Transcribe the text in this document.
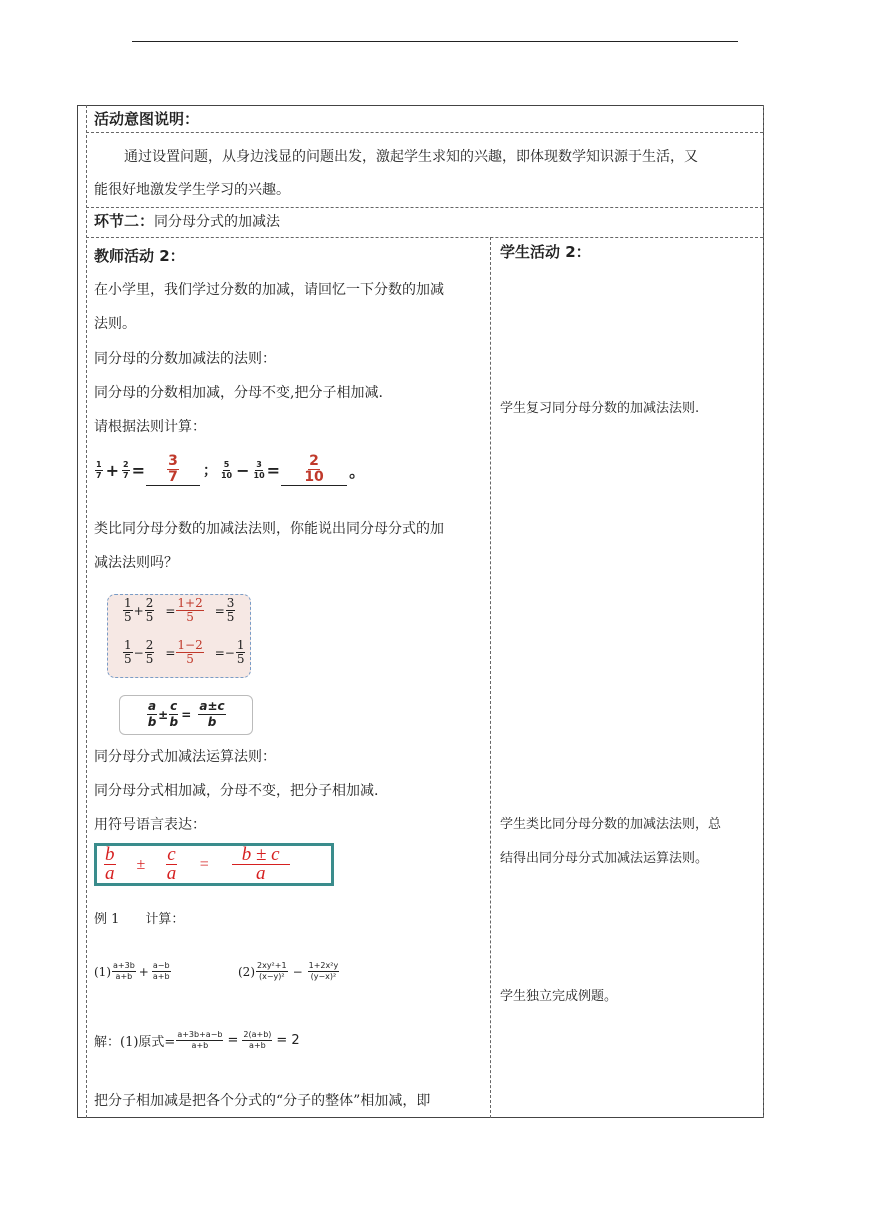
活动意图说明：
通过设置问题，从身边浅显的问题出发，激起学生求知的兴趣，即体现数学知识源于生活，又
能很好地激发学生学习的兴趣。
环节二：同分母分式的加减法
教师活动 2：
在小学里，我们学过分数的加减，请回忆一下分数的加减
法则。
同分母的分数加减法的法则：
同分母的分数相加减，分母不变,把分子相加减.
请根据法则计算：
$\frac{1}{7} + \frac{2}{7} = \frac{3}{7}$ ； $\frac{5}{10} - \frac{3}{10} = \frac{2}{10}$ 。
类比同分母分数的加减法法则，你能说出同分母分式的加
减法法则吗？
$\frac{1}{5} + \frac{2}{5} = \frac{1+2}{5} = \frac{3}{5}$
$\frac{1}{5} - \frac{2}{5} = \frac{1-2}{5} =- \frac{1}{5}$
$\frac{a}{b} \pm \frac{c}{b} = \frac{a\pm c}{b}$
同分母分式加减法运算法则：
同分母分式相加减，分母不变，把分子相加减.
用符号语言表达：
$\frac{b}{a} \pm \frac{c}{a} = \frac{b \pm c}{a}$
例 1　　计算：
$(1) \frac{a+3b}{a+b} + \frac{a-b}{a+b}$	$(2) \frac{\text{2xy²+1}}{\text{(x−y)²}} - \frac{\text{1+2x²y}}{\text{(y−x)²}}$
解：(1)原式= $\frac{a+3b+a-b}{a+b} = \frac{2(a+b)}{a+b} = 2$
把分子相加减是把各个分式的“分子的整体”相加减，即
学生活动 2：
学生复习同分母分数的加减法法则.
学生类比同分母分数的加减法法则，总
结得出同分母分式加减法运算法则。
学生独立完成例题。
